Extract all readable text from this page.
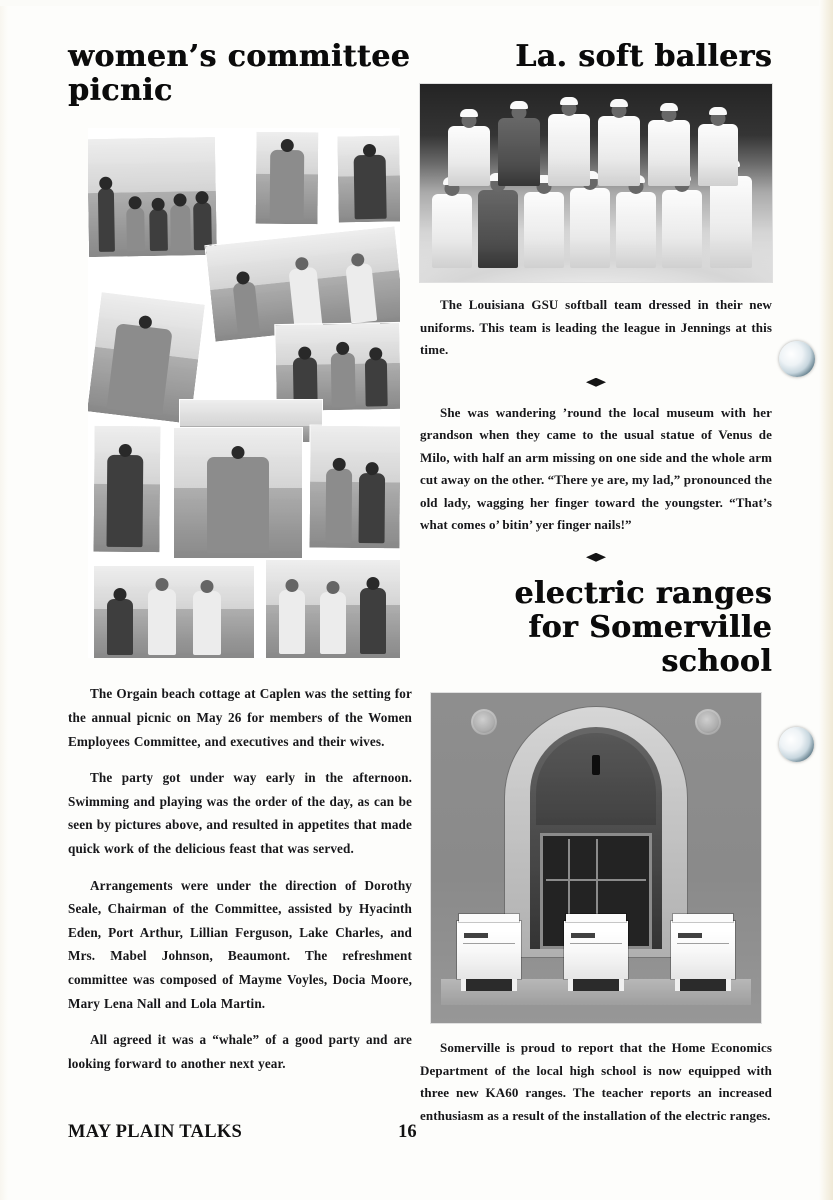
women’s committee
picnic

The Orgain beach cottage at Caplen was the setting for the annual picnic on May 26 for members of the Women Employees Committee, and executives and their wives.

The party got under way early in the afternoon. Swimming and playing was the order of the day, as can be seen by pictures above, and resulted in appetites that made quick work of the delicious feast that was served.

Arrangements were under the direction of Dorothy Seale, Chairman of the Committee, assisted by Hyacinth Eden, Port Arthur, Lillian Ferguson, Lake Charles, and Mrs. Mabel Johnson, Beaumont. The refreshment committee was composed of Mayme Voyles, Docia Moore, Mary Lena Nall and Lola Martin.

All agreed it was a “whale” of a good party and are looking forward to another next year.

La. soft ballers

The Louisiana GSU softball team dressed in their new uniforms. This team is leading the league in Jennings at this time.

She was wandering ’round the local museum with her grandson when they came to the usual statue of Venus de Milo, with half an arm missing on one side and the whole arm cut away on the other. “There ye are, my lad,” pronounced the old lady, wagging her finger toward the youngster. “That’s what comes o’ bitin’ yer finger nails!”

electric ranges
for Somerville school

Somerville is proud to report that the Home Economics Department of the local high school is now equipped with three new KA60 ranges. The teacher reports an increased enthusiasm as a result of the installation of the electric ranges.

MAY PLAIN TALKS	16
